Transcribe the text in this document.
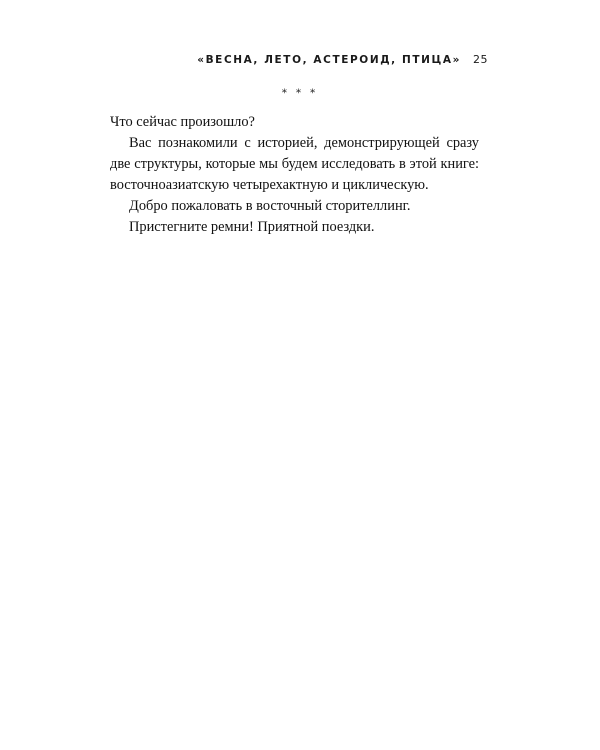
«ВЕСНА, ЛЕТО, АСТЕРОИД, ПТИЦА» 25
* * *

Что сейчас произошло?

Вас познакомили с историей, демонстрирующей сразу две структуры, которые мы будем исследовать в этой книге: восточноазиатскую четырехактную и циклическую.

Добро пожаловать в восточный сторителлинг.

Пристегните ремни! Приятной поездки.
